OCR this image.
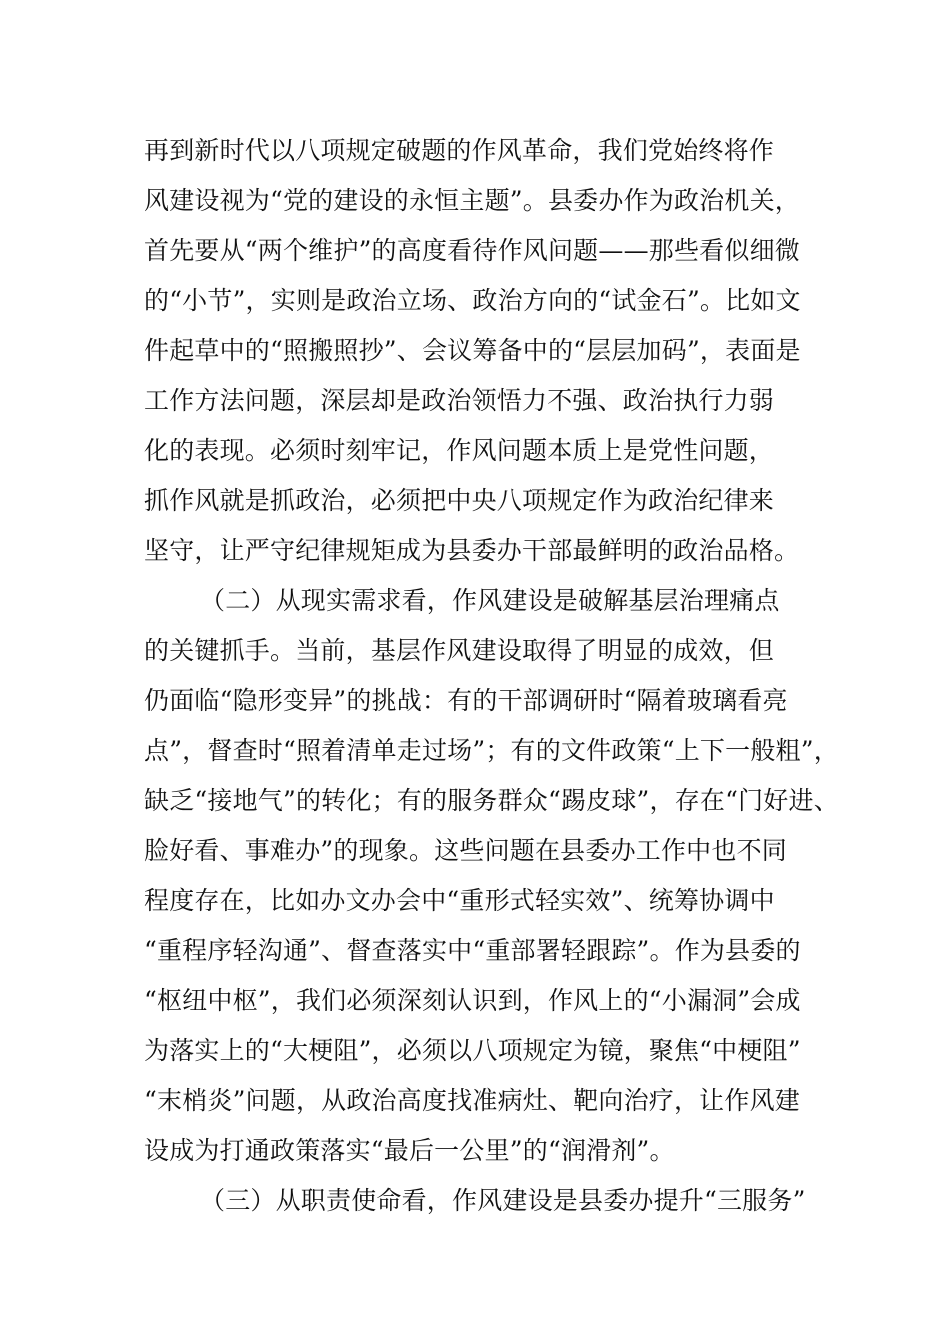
再到新时代以八项规定破题的作风革命，我们党始终将作
风建设视为“党的建设的永恒主题”。县委办作为政治机关，
首先要从“两个维护”的高度看待作风问题——那些看似细微
的“小节”，实则是政治立场、政治方向的“试金石”。比如文
件起草中的“照搬照抄”、会议筹备中的“层层加码”，表面是
工作方法问题，深层却是政治领悟力不强、政治执行力弱
化的表现。必须时刻牢记，作风问题本质上是党性问题，
抓作风就是抓政治，必须把中央八项规定作为政治纪律来
坚守，让严守纪律规矩成为县委办干部最鲜明的政治品格。
（二）从现实需求看，作风建设是破解基层治理痛点
的关键抓手。当前，基层作风建设取得了明显的成效，但
仍面临“隐形变异”的挑战：有的干部调研时“隔着玻璃看亮
点”，督查时“照着清单走过场”；有的文件政策“上下一般粗”，
缺乏“接地气”的转化；有的服务群众“踢皮球”，存在“门好进、
脸好看、事难办”的现象。这些问题在县委办工作中也不同
程度存在，比如办文办会中“重形式轻实效”、统筹协调中
“重程序轻沟通”、督查落实中“重部署轻跟踪”。作为县委的
“枢纽中枢”，我们必须深刻认识到，作风上的“小漏洞”会成
为落实上的“大梗阻”，必须以八项规定为镜，聚焦“中梗阻”
“末梢炎”问题，从政治高度找准病灶、靶向治疗，让作风建
设成为打通政策落实“最后一公里”的“润滑剂”。
（三）从职责使命看，作风建设是县委办提升“三服务”
